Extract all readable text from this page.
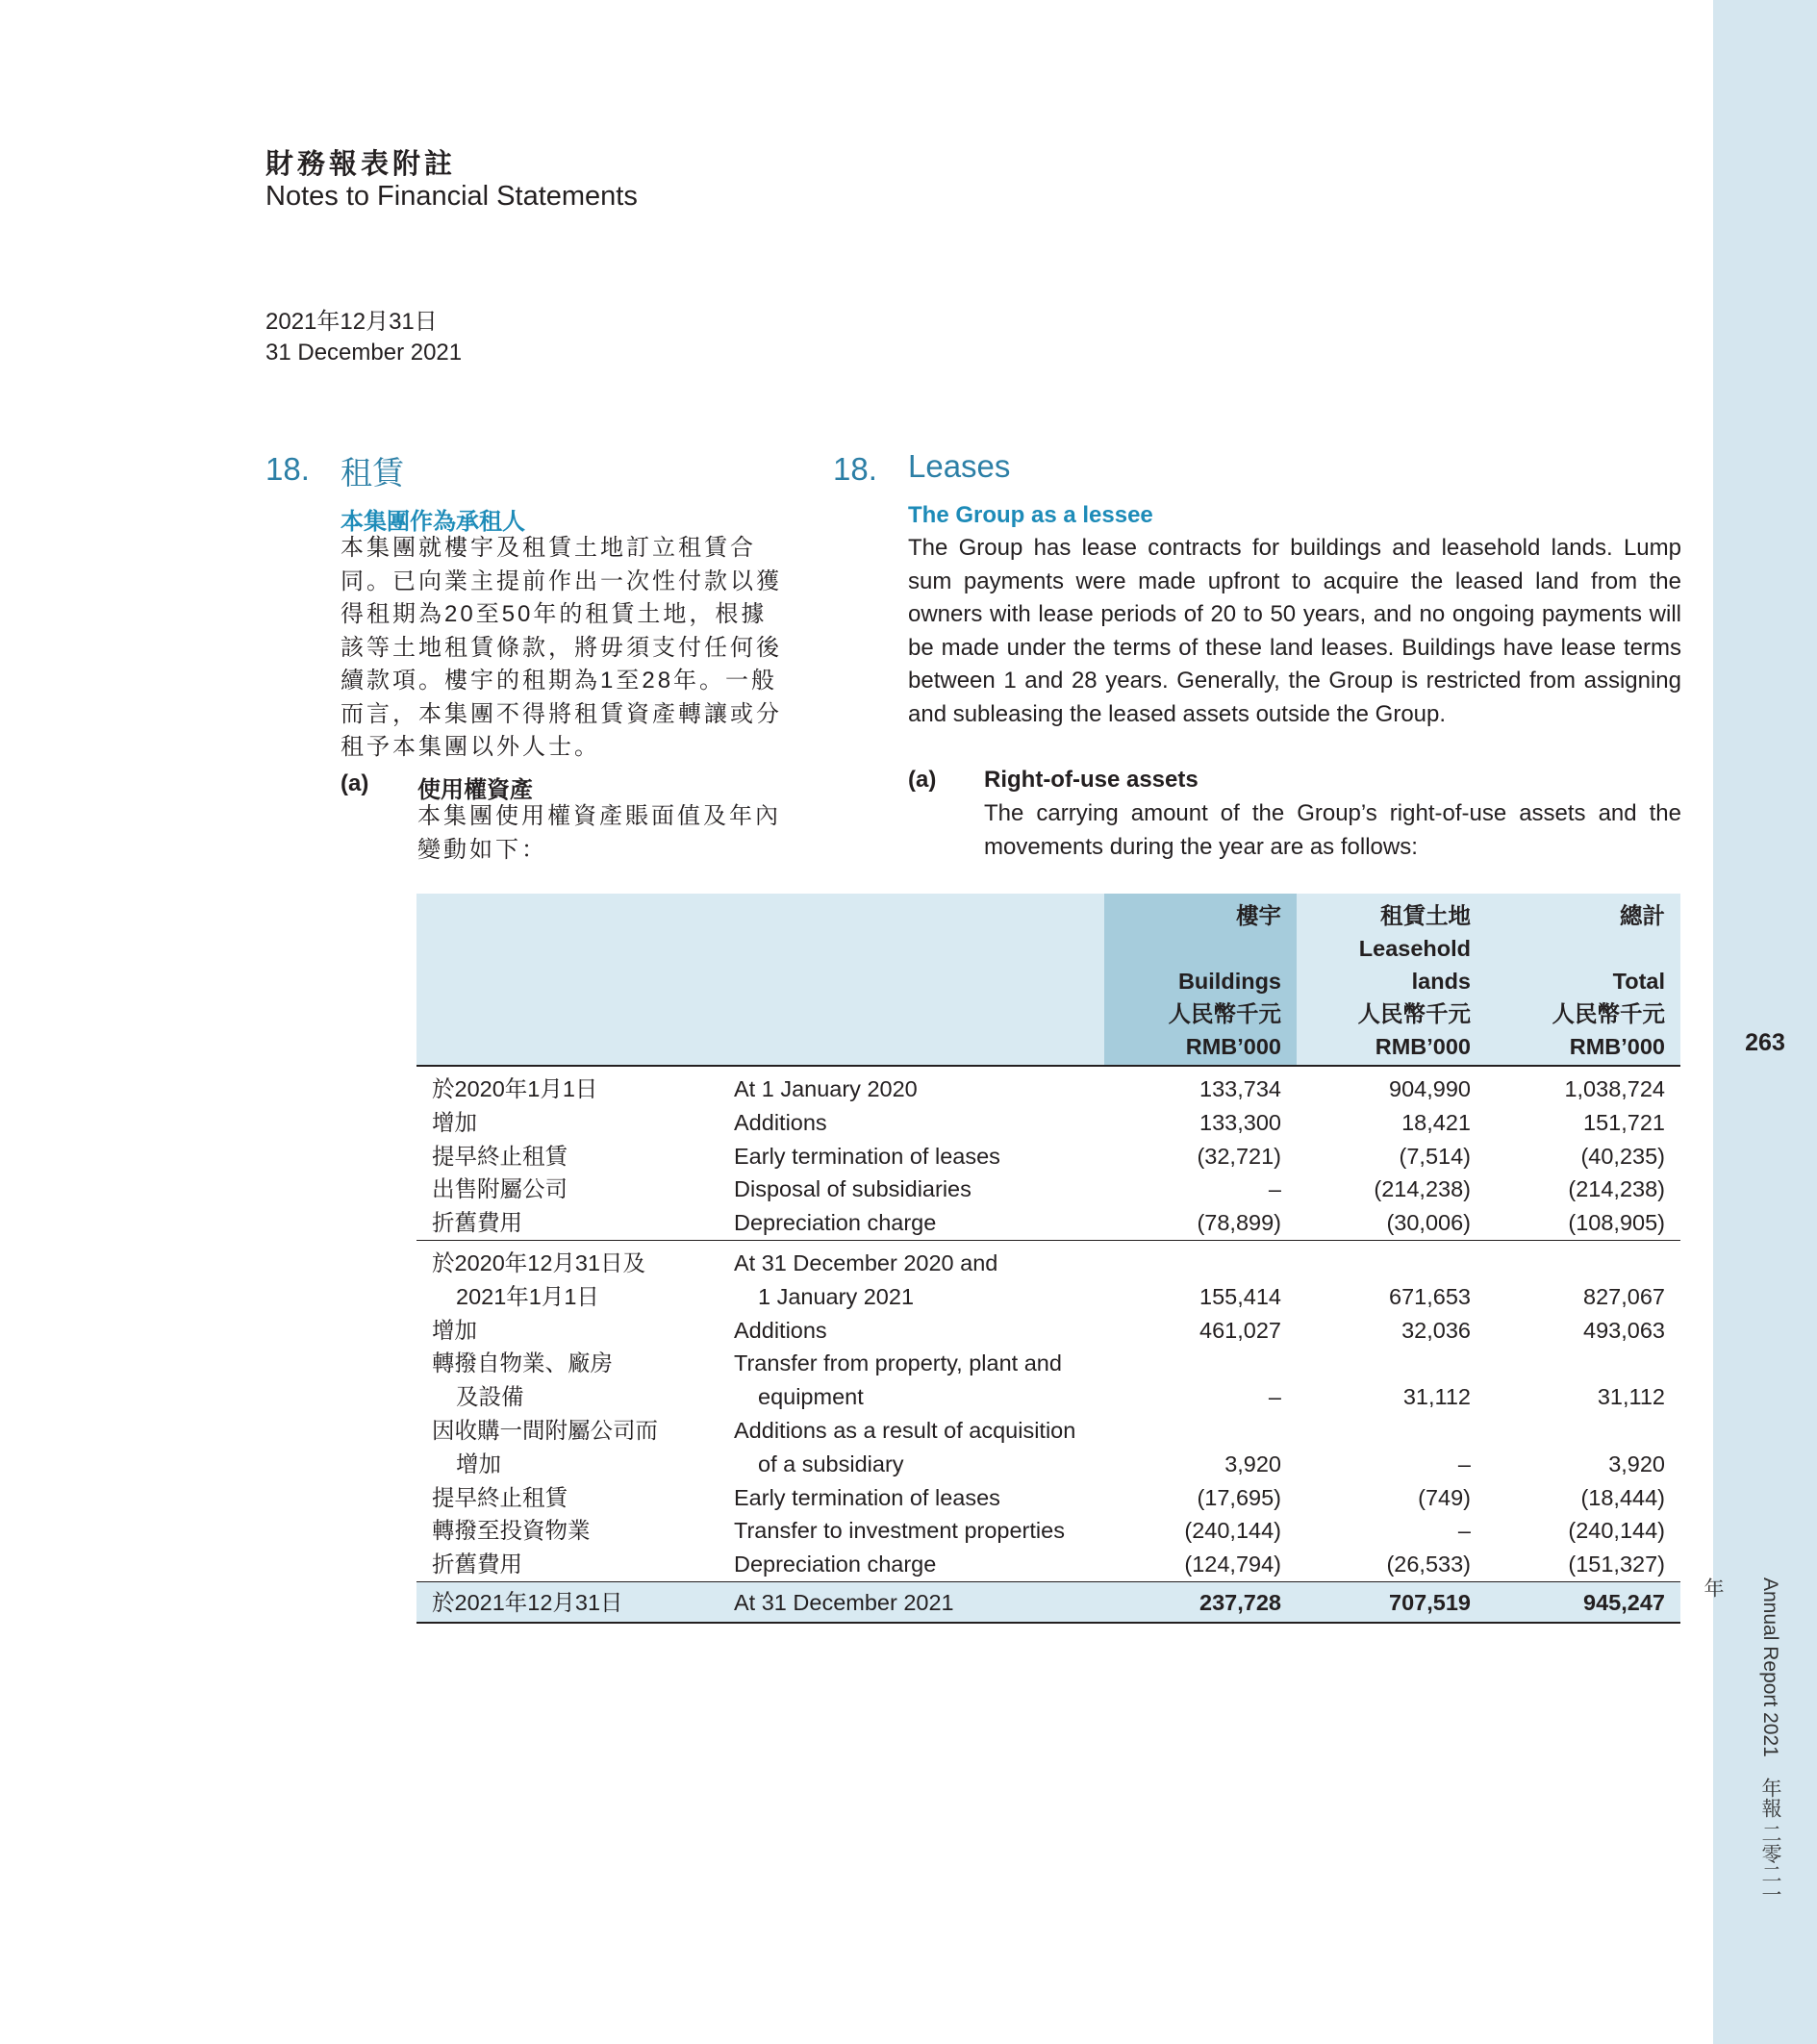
263
Annual Report 2021　年報 二零二一年
財務報表附註
Notes to Financial Statements
2021年12月31日
31 December 2021
18. 租賃
本集團作為承租人
本集團就樓宇及租賃土地訂立租賃合同。已向業主提前作出一次性付款以獲得租期為20至50年的租賃土地，根據該等土地租賃條款，將毋須支付任何後續款項。樓宇的租期為1至28年。一般而言，本集團不得將租賃資產轉讓或分租予本集團以外人士。
18. Leases
The Group as a lessee
The Group has lease contracts for buildings and leasehold lands. Lump sum payments were made upfront to acquire the leased land from the owners with lease periods of 20 to 50 years, and no ongoing payments will be made under the terms of these land leases. Buildings have lease terms between 1 and 28 years. Generally, the Group is restricted from assigning and subleasing the leased assets outside the Group.
(a) 使用權資產
本集團使用權資產賬面值及年內變動如下：
(a) Right-of-use assets
The carrying amount of the Group’s right-of-use assets and the movements during the year are as follows:

		樓宇

Buildings
人民幣千元
RMB’000	租賃土地
Leasehold
lands
人民幣千元
RMB’000	總計

Total
人民幣千元
RMB’000

於2020年1月1日	At 1 January 2020	133,734	904,990	1,038,724
增加	Additions	133,300	18,421	151,721
提早終止租賃	Early termination of leases	(32,721)	(7,514)	(40,235)
出售附屬公司	Disposal of subsidiaries	–	(214,238)	(214,238)
折舊費用	Depreciation charge	(78,899)	(30,006)	(108,905)
於2020年12月31日及
2021年1月1日	At 31 December 2020 and
1 January 2021	155,414	671,653	827,067
增加	Additions	461,027	32,036	493,063
轉撥自物業、廠房
及設備	Transfer from property, plant and
equipment	–	31,112	31,112
因收購一間附屬公司而
增加	Additions as a result of acquisition
of a subsidiary	3,920	–	3,920
提早終止租賃	Early termination of leases	(17,695)	(749)	(18,444)
轉撥至投資物業	Transfer to investment properties	(240,144)	–	(240,144)
折舊費用	Depreciation charge	(124,794)	(26,533)	(151,327)
於2021年12月31日	At 31 December 2021	237,728	707,519	945,247
